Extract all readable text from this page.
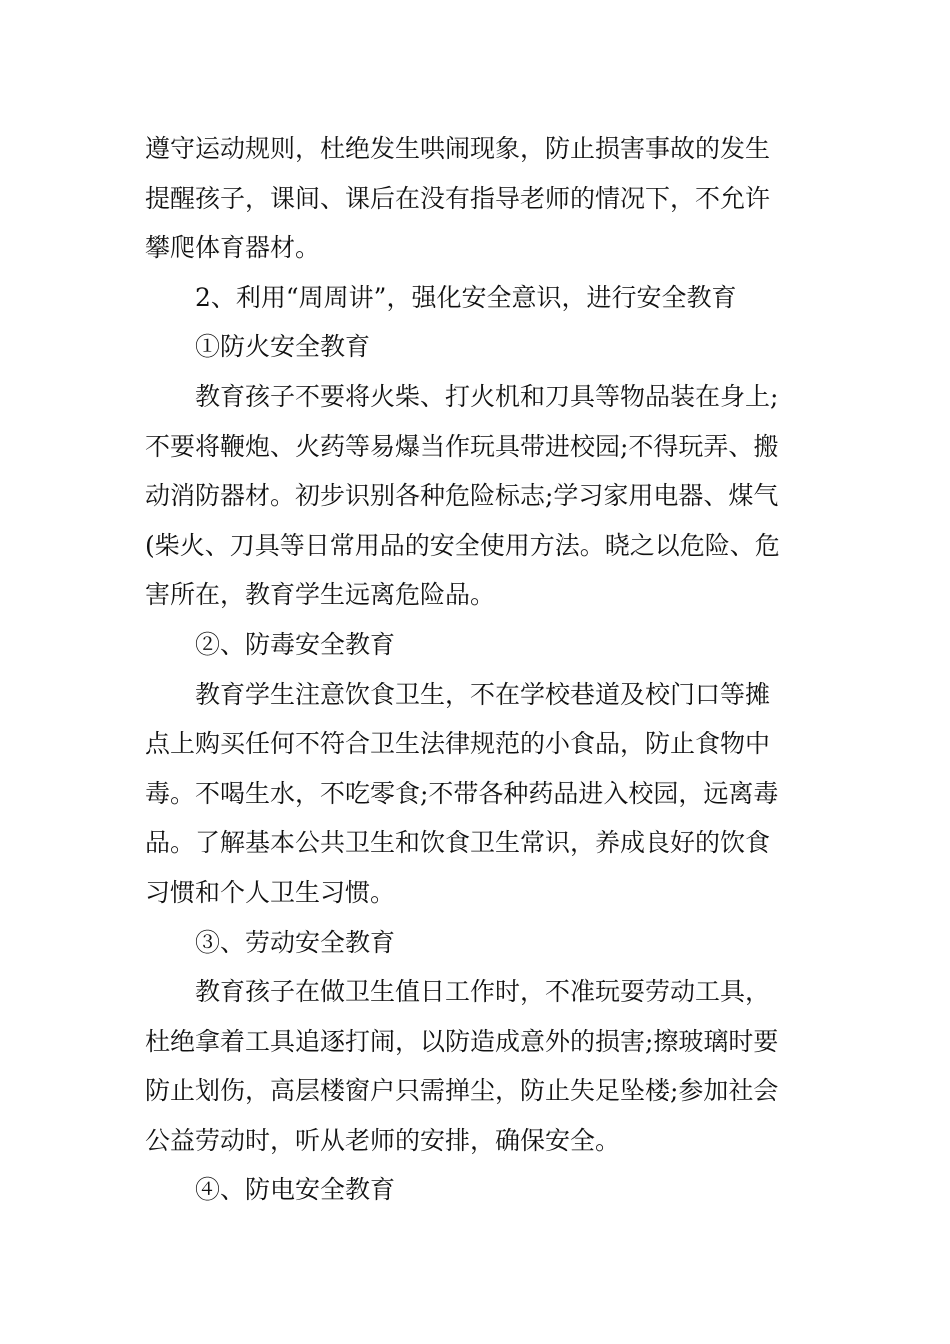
遵守运动规则，杜绝发生哄闹现象，防止损害事故的发生
提醒孩子，课间、课后在没有指导老师的情况下，不允许
攀爬体育器材。
2、利用“周周讲”，强化安全意识，进行安全教育
①防火安全教育
教育孩子不要将火柴、打火机和刀具等物品装在身上;
不要将鞭炮、火药等易爆当作玩具带进校园;不得玩弄、搬
动消防器材。初步识别各种危险标志;学习家用电器、煤气
(柴火、刀具等日常用品的安全使用方法。晓之以危险、危
害所在，教育学生远离危险品。
②、防毒安全教育
教育学生注意饮食卫生，不在学校巷道及校门口等摊
点上购买任何不符合卫生法律规范的小食品，防止食物中
毒。不喝生水，不吃零食;不带各种药品进入校园，远离毒
品。了解基本公共卫生和饮食卫生常识，养成良好的饮食
习惯和个人卫生习惯。
③、劳动安全教育
教育孩子在做卫生值日工作时，不准玩耍劳动工具，
杜绝拿着工具追逐打闹，以防造成意外的损害;擦玻璃时要
防止划伤，高层楼窗户只需掸尘，防止失足坠楼;参加社会
公益劳动时，听从老师的安排，确保安全。
④、防电安全教育
